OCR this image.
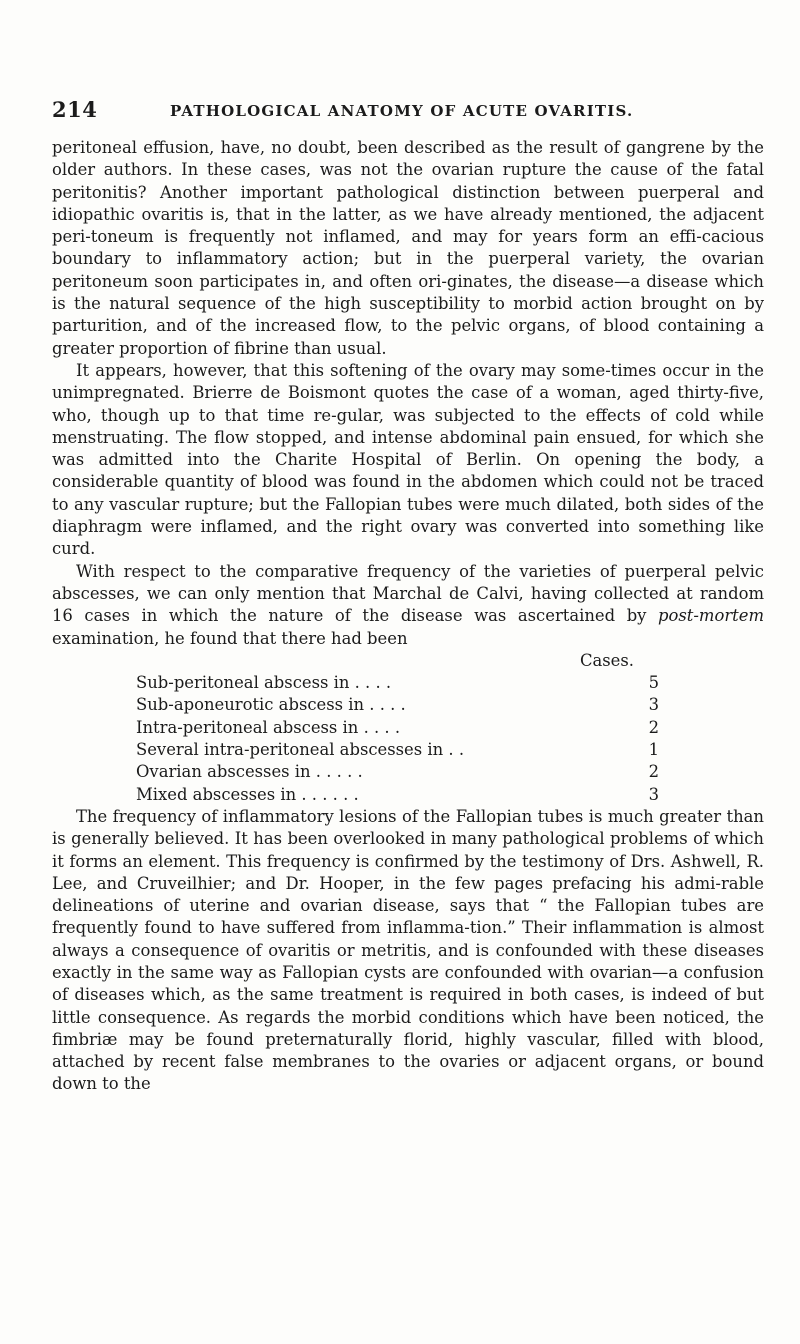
214	PATHOLOGICAL ANATOMY OF ACUTE OVARITIS.

peritoneal effusion, have, no doubt, been described as the result of gangrene by the older authors. In these cases, was not the ovarian rupture the cause of the fatal peritonitis? Another important pathological distinction between puerperal and idiopathic ovaritis is, that in the latter, as we have already mentioned, the adjacent peri-toneum is frequently not inflamed, and may for years form an effi-cacious boundary to inflammatory action; but in the puerperal variety, the ovarian peritoneum soon participates in, and often ori-ginates, the disease—a disease which is the natural sequence of the high susceptibility to morbid action brought on by parturition, and of the increased flow, to the pelvic organs, of blood containing a greater proportion of fibrine than usual.

It appears, however, that this softening of the ovary may some-times occur in the unimpregnated. Brierre de Boismont quotes the case of a woman, aged thirty-five, who, though up to that time re-gular, was subjected to the effects of cold while menstruating. The flow stopped, and intense abdominal pain ensued, for which she was admitted into the Charite Hospital of Berlin. On opening the body, a considerable quantity of blood was found in the abdomen which could not be traced to any vascular rupture; but the Fallopian tubes were much dilated, both sides of the diaphragm were inflamed, and the right ovary was converted into something like curd.

With respect to the comparative frequency of the varieties of puerperal pelvic abscesses, we can only mention that Marchal de Calvi, having collected at random 16 cases in which the nature of the disease was ascertained by post-mortem examination, he found that there had been

Cases.
Sub-peritoneal abscess in . . . .	5
Sub-aponeurotic abscess in . . . .	3
Intra-peritoneal abscess in . . . .	2
Several intra-peritoneal abscesses in . .	1
Ovarian abscesses in . . . . .	2
Mixed abscesses in . . . . . .	3

The frequency of inflammatory lesions of the Fallopian tubes is much greater than is generally believed. It has been overlooked in many pathological problems of which it forms an element. This frequency is confirmed by the testimony of Drs. Ashwell, R. Lee, and Cruveilhier; and Dr. Hooper, in the few pages prefacing his admi-rable delineations of uterine and ovarian disease, says that “ the Fallopian tubes are frequently found to have suffered from inflamma-tion.” Their inflammation is almost always a consequence of ovaritis or metritis, and is confounded with these diseases exactly in the same way as Fallopian cysts are confounded with ovarian—a confusion of diseases which, as the same treatment is required in both cases, is indeed of but little consequence. As regards the morbid conditions which have been noticed, the fimbriæ may be found preternaturally florid, highly vascular, filled with blood, attached by recent false membranes to the ovaries or adjacent organs, or bound down to the
